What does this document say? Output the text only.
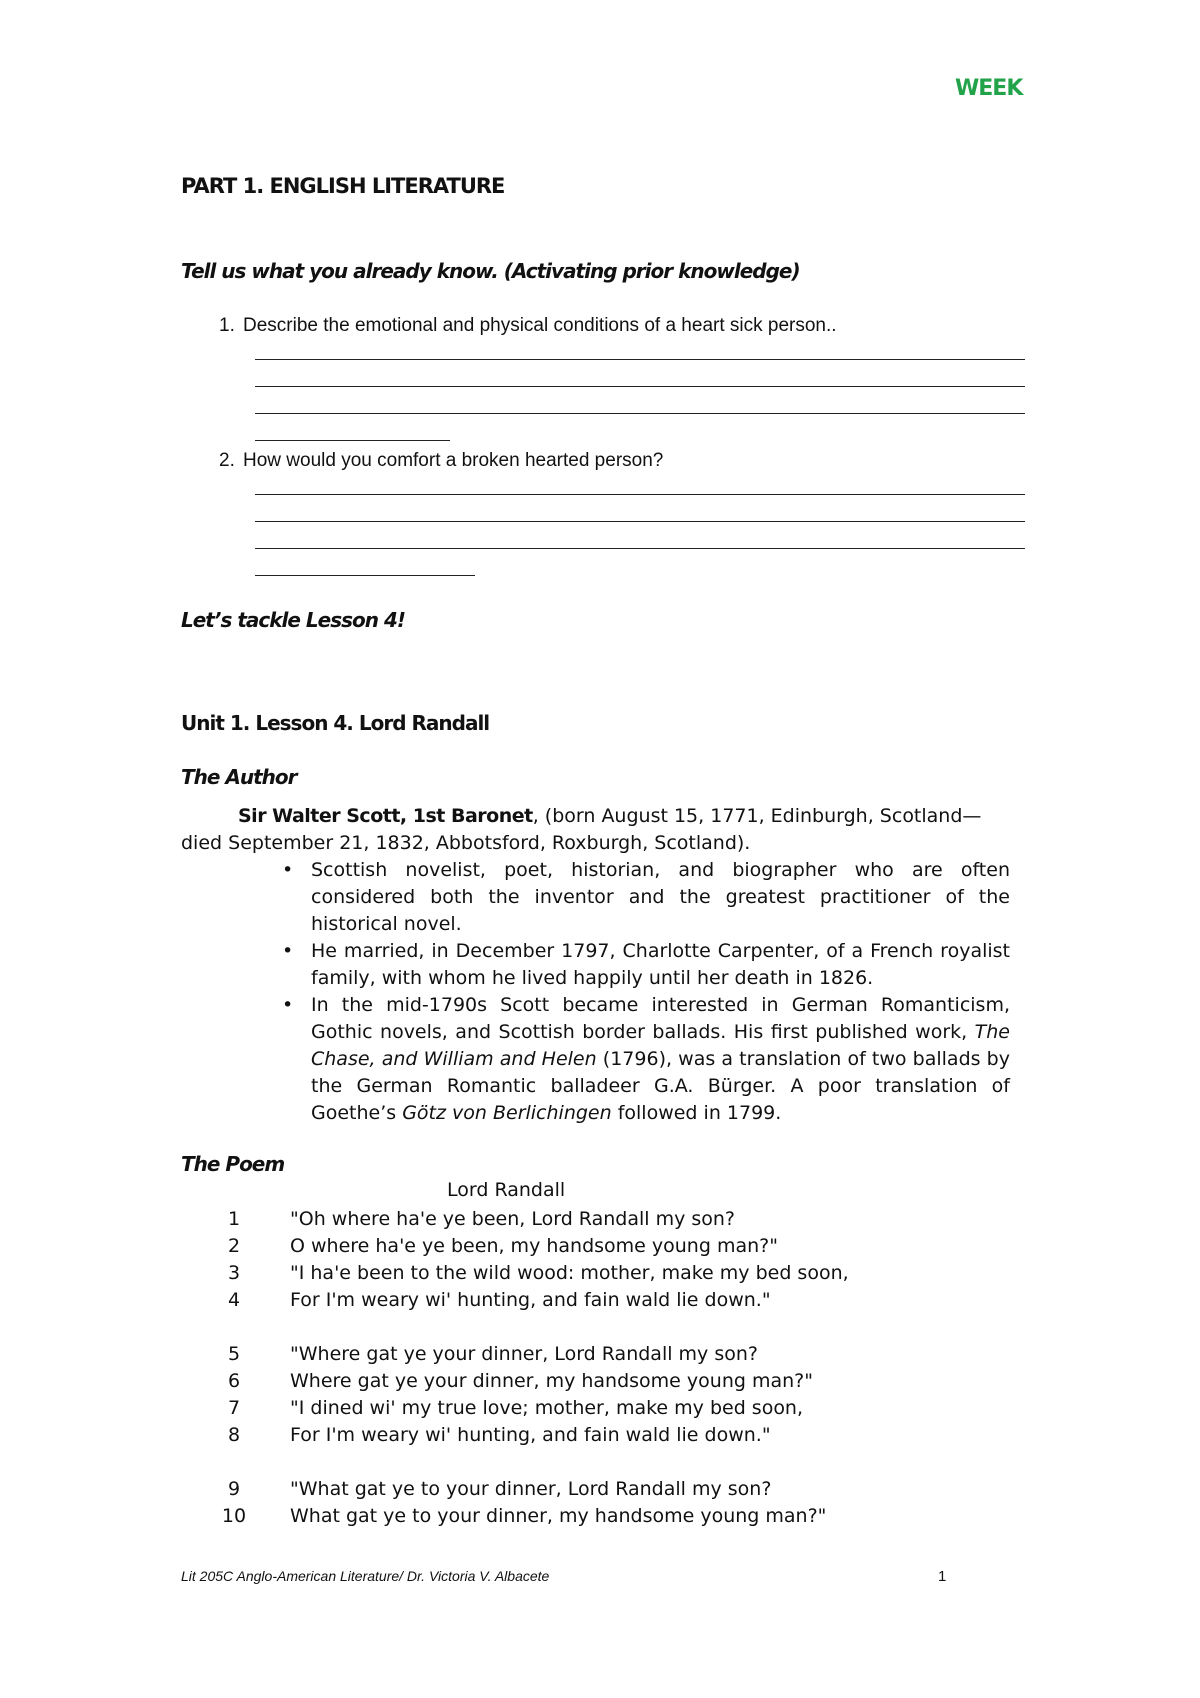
WEEK
PART 1. ENGLISH LITERATURE
Tell us what you already know. (Activating prior knowledge)
1. Describe the emotional and physical conditions of a heart sick person..
2. How would you comfort a broken hearted person?
Let’s tackle Lesson 4!
Unit 1. Lesson 4. Lord Randall
The Author
Sir Walter Scott, 1st Baronet, (born August 15, 1771, Edinburgh, Scotland—died September 21, 1832, Abbotsford, Roxburgh, Scotland).
• Scottish novelist, poet, historian, and biographer who are often considered both the inventor and the greatest practitioner of the historical novel.
• He married, in December 1797, Charlotte Carpenter, of a French royalist family, with whom he lived happily until her death in 1826.
• In the mid-1790s Scott became interested in German Romanticism, Gothic novels, and Scottish border ballads. His first published work, The Chase, and William and Helen (1796), was a translation of two ballads by the German Romantic balladeer G.A. Bürger. A poor translation of Goethe’s Götz von Berlichingen followed in 1799.
The Poem
Lord Randall
1	"Oh where ha'e ye been, Lord Randall my son?
2	O where ha'e ye been, my handsome young man?"
3	"I ha'e been to the wild wood: mother, make my bed soon,
4	For I'm weary wi' hunting, and fain wald lie down."
5	"Where gat ye your dinner, Lord Randall my son?
6	Where gat ye your dinner, my handsome young man?"
7	"I dined wi' my true love; mother, make my bed soon,
8	For I'm weary wi' hunting, and fain wald lie down."
9	"What gat ye to your dinner, Lord Randall my son?
10 What gat ye to your dinner, my handsome young man?"
Lit 205C Anglo-American Literature/ Dr. Victoria V. Albacete	1
